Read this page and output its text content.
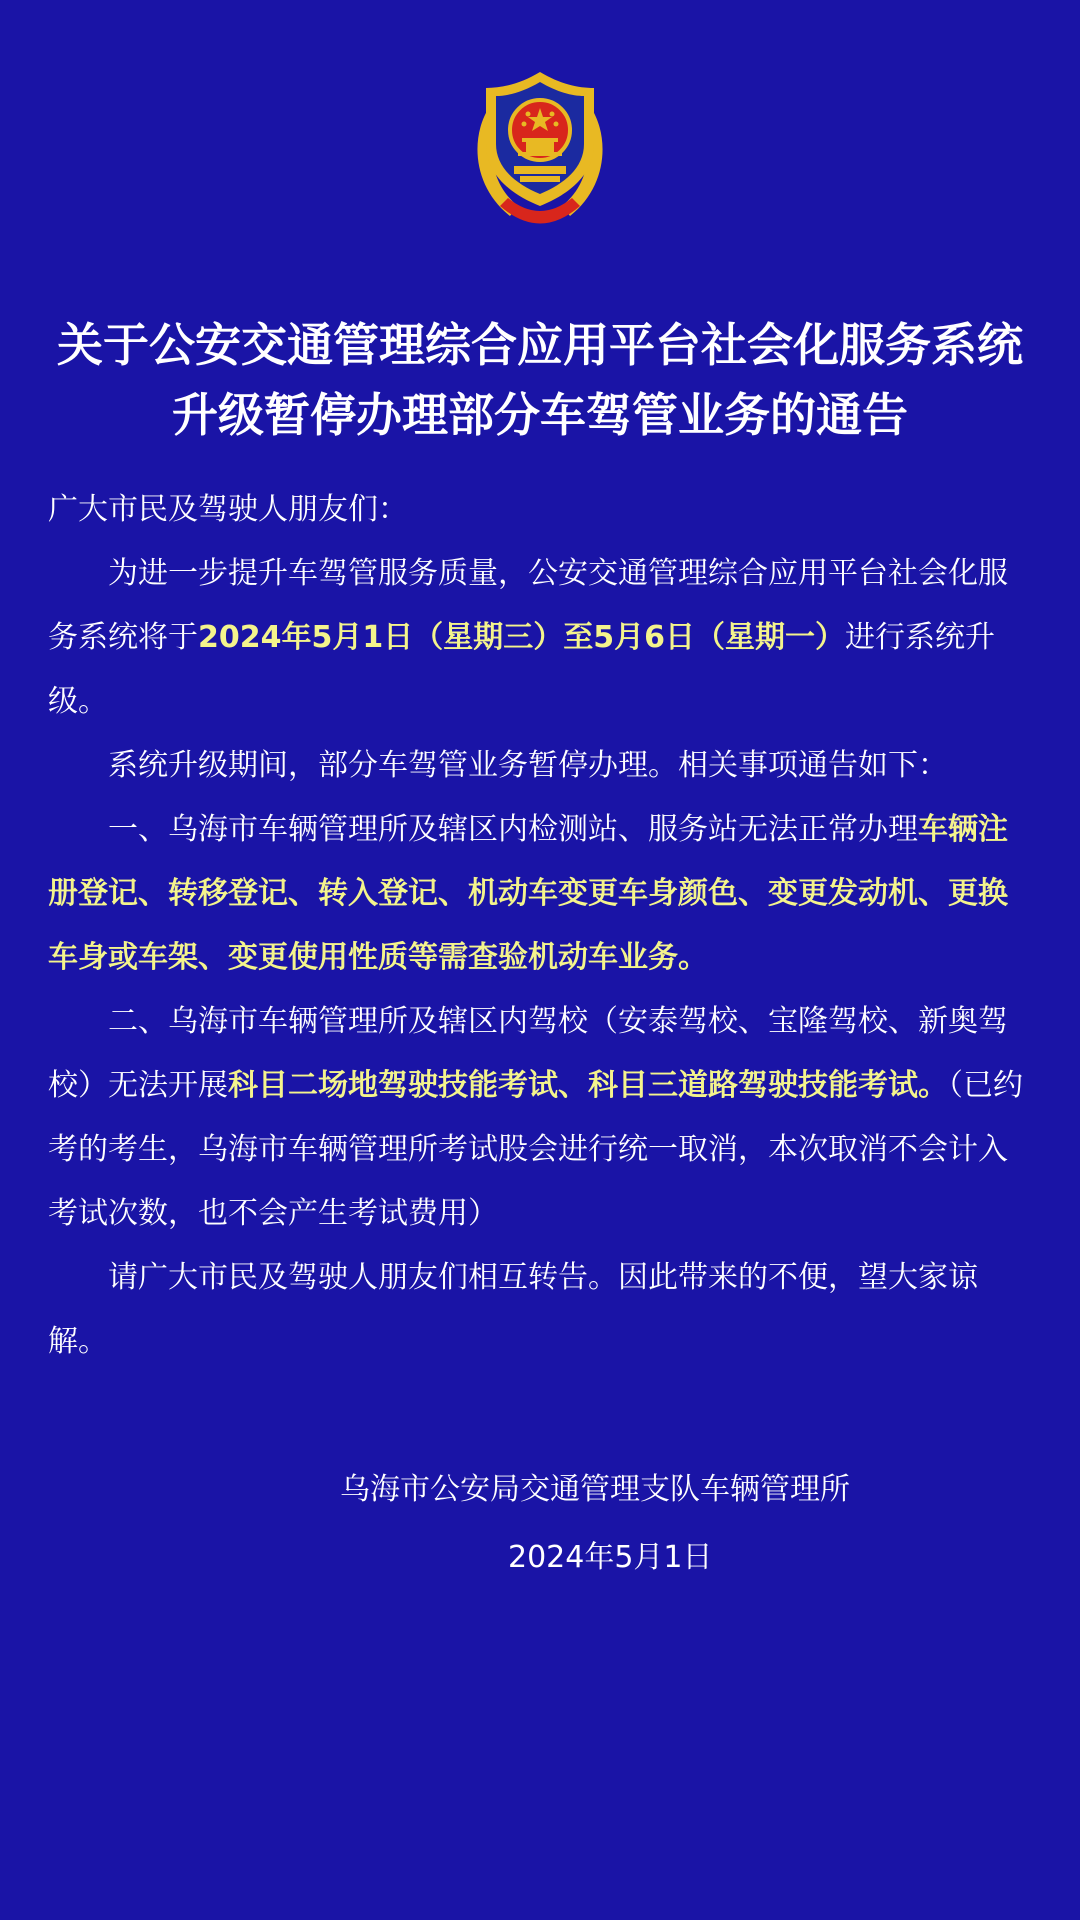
关于公安交通管理综合应用平台社会化服务系统
升级暂停办理部分车驾管业务的通告

广大市民及驾驶人朋友们：

为进一步提升车驾管服务质量，公安交通管理综合应用平台社会化服务系统将于2024年5月1日（星期三）至5月6日（星期一）进行系统升级。

系统升级期间，部分车驾管业务暂停办理。相关事项通告如下：

一、乌海市车辆管理所及辖区内检测站、服务站无法正常办理车辆注册登记、转移登记、转入登记、机动车变更车身颜色、变更发动机、更换车身或车架、变更使用性质等需查验机动车业务。

二、乌海市车辆管理所及辖区内驾校（安泰驾校、宝隆驾校、新奥驾校）无法开展科目二场地驾驶技能考试、科目三道路驾驶技能考试。（已约考的考生，乌海市车辆管理所考试股会进行统一取消，本次取消不会计入考试次数，也不会产生考试费用）

请广大市民及驾驶人朋友们相互转告。因此带来的不便，望大家谅解。

乌海市公安局交通管理支队车辆管理所
2024年5月1日
